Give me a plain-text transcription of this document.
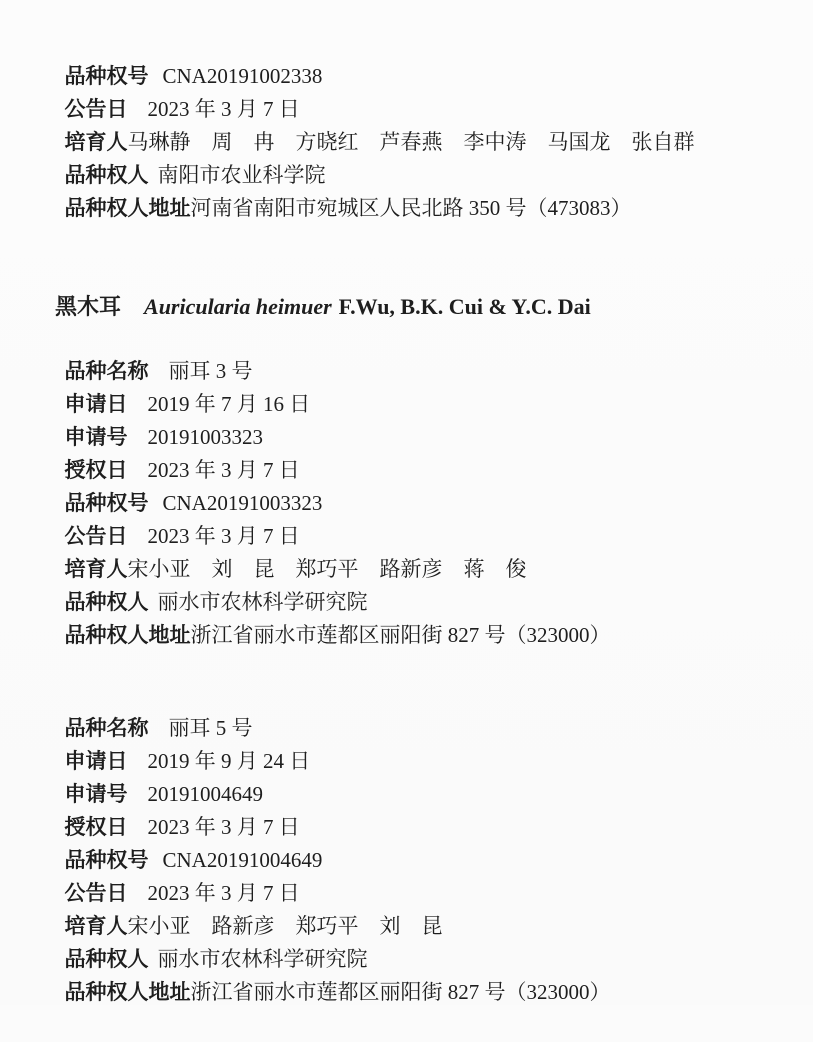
品种权号 CNA20191002338

公告日 2023 年 3 月 7 日

培育人马琳静　周　冉　方晓红　芦春燕　李中涛　马国龙　张自群

品种权人 南阳市农业科学院

品种权人地址河南省南阳市宛城区人民北路 350 号（473083）

黑木耳 Auricularia heimuer F.Wu, B.K. Cui & Y.C. Dai

品种名称 丽耳 3 号

申请日 2019 年 7 月 16 日

申请号 20191003323

授权日 2023 年 3 月 7 日

品种权号 CNA20191003323

公告日 2023 年 3 月 7 日

培育人宋小亚　刘　昆　郑巧平　路新彦　蒋　俊

品种权人 丽水市农林科学研究院

品种权人地址浙江省丽水市莲都区丽阳街 827 号（323000）

品种名称 丽耳 5 号

申请日 2019 年 9 月 24 日

申请号 20191004649

授权日 2023 年 3 月 7 日

品种权号 CNA20191004649

公告日 2023 年 3 月 7 日

培育人宋小亚　路新彦　郑巧平　刘　昆

品种权人 丽水市农林科学研究院

品种权人地址浙江省丽水市莲都区丽阳街 827 号（323000）
